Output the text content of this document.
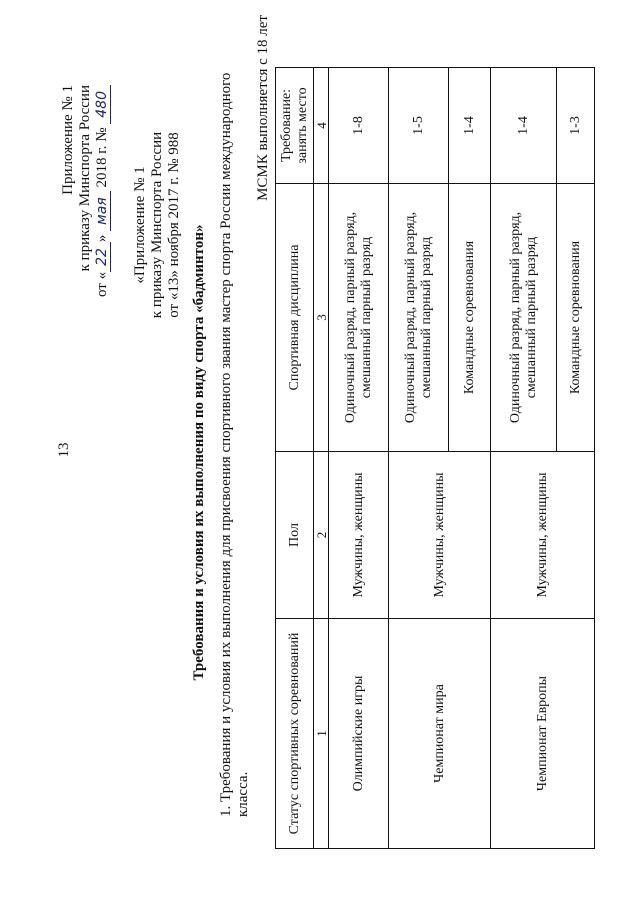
13
Приложение № 1 к приказу Минспорта России
от «22» мая 2018 г. № 480
«Приложение № 1 к приказу Минспорта России от «13» ноября 2017 г. № 988 Требования и условия их выполнения по виду спорта «бадминтон» 1. Требования и условия их выполнения для присвоения спортивного звания мастер спорта России международного класса.
МСМК выполняется с 18 лет
Статус спортивных соревнований	Пол	Спортивная дисциплина	Требование: занять место
1	2	3	4
Олимпийские игры	Мужчины, женщины	Одиночный разряд, парный разряд, смешанный парный разряд	1-8
Чемпионат мира	Мужчины, женщины	Одиночный разряд, парный разряд, смешанный парный разряд	1-5
		Командные соревнования	1-4
Чемпионат Европы	Мужчины, женщины	Одиночный разряд, парный разряд, смешанный парный разряд	1-4
		Командные соревнования	1-3
